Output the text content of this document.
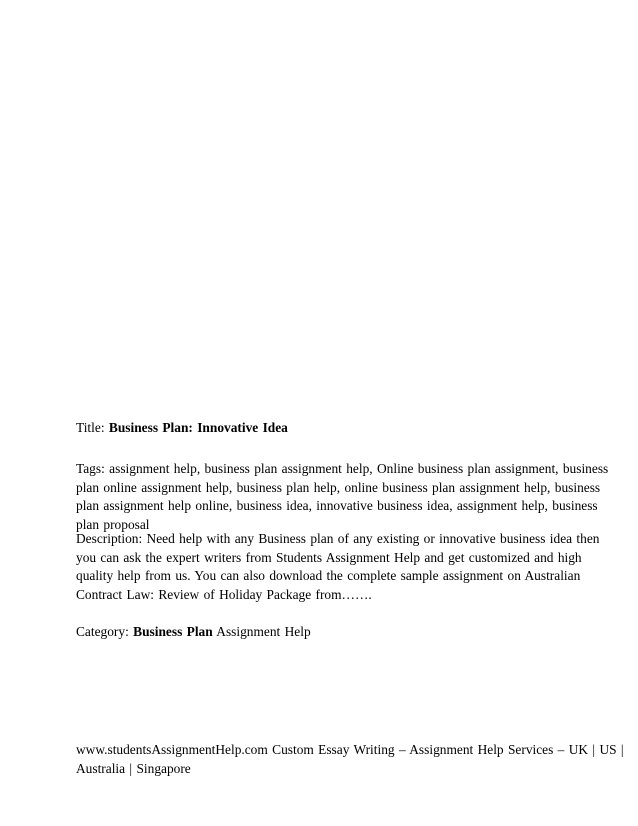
Title: Business Plan: Innovative Idea
Tags: assignment help, business plan assignment help, Online business plan assignment, business
plan online assignment help, business plan help, online business plan assignment help, business
plan assignment help online, business idea, innovative business idea, assignment help, business
plan proposal
Description: Need help with any Business plan of any existing or innovative business idea then
you can ask the expert writers from Students Assignment Help and get customized and high
quality help from us. You can also download the complete sample assignment on Australian
Contract Law: Review of Holiday Package from…….
Category: Business Plan Assignment Help
www.studentsAssignmentHelp.com Custom Essay Writing – Assignment Help Services – UK | US |
Australia | Singapore
